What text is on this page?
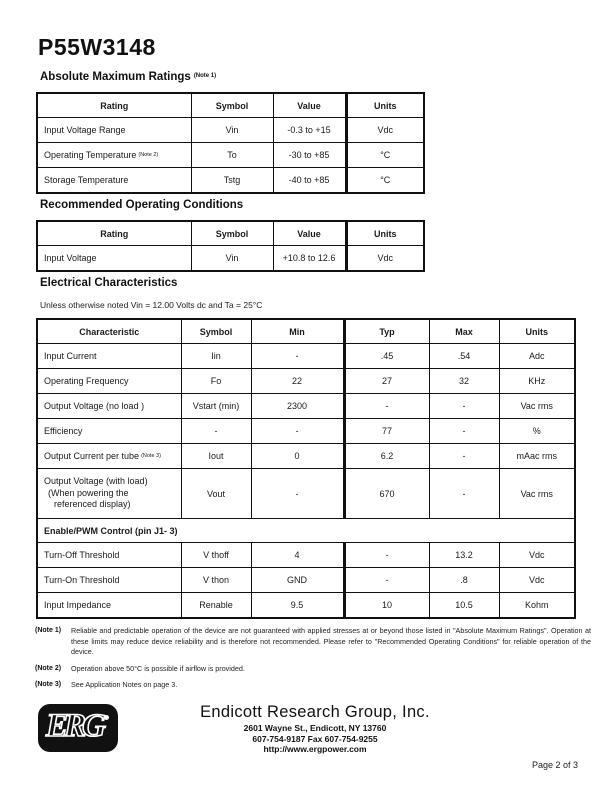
P55W3148
Absolute Maximum Ratings $^{(Note 1)}$
Rating	Symbol	Value	Units
Input Voltage Range	Vin	-0.3 to +15	Vdc
Operating Temperature $^{(Note 2)}$	To	-30 to +85	°C
Storage Temperature	Tstg	-40 to +85	°C
Recommended Operating Conditions
Rating	Symbol	Value	Units
Input Voltage	Vin	+10.8 to 12.6	Vdc
Electrical Characteristics
Unless otherwise noted Vin = 12.00 Volts dc and Ta = 25°C
Characteristic	Symbol	Min	Typ	Max	Units
Input Current	Iin	-	.45	.54	Adc
Operating Frequency	Fo	22	27	32	KHz
Output Voltage (no load )	Vstart (min)	2300	-	-	Vac rms
Efficiency	-	-	77	-	%
Output Current per tube $^{(Note 3)}$	Iout	0	6.2	-	mAac rms
Output Voltage (with load)
(When powering the
referenced display)	Vout	-	670	-	Vac rms
Enable/PWM Control (pin J1- 3)					
Turn-Off Threshold	V thoff	4	-	13.2	Vdc
Turn-On Threshold	V thon	GND	-	.8	Vdc
Input Impedance	Renable	9.5	10	10.5	Kohm
(Note 1)	Reliable and predictable operation of the device are not guaranteed with applied stresses at or beyond those listed in "Absolute Maximum Ratings". Operation at these limits may reduce device reliability and is therefore not recommended. Please refer to "Recommended Operating Conditions" for reliable operation of the device.
(Note 2)	Operation above 50°C is possible if airflow is provided.
(Note 3)	See Application Notes on page 3.
ERG	Endicott Research Group, Inc.
2601 Wayne St., Endicott, NY 13760
607-754-9187 Fax 607-754-9255
http://www.ergpower.com
Page 2 of 3
